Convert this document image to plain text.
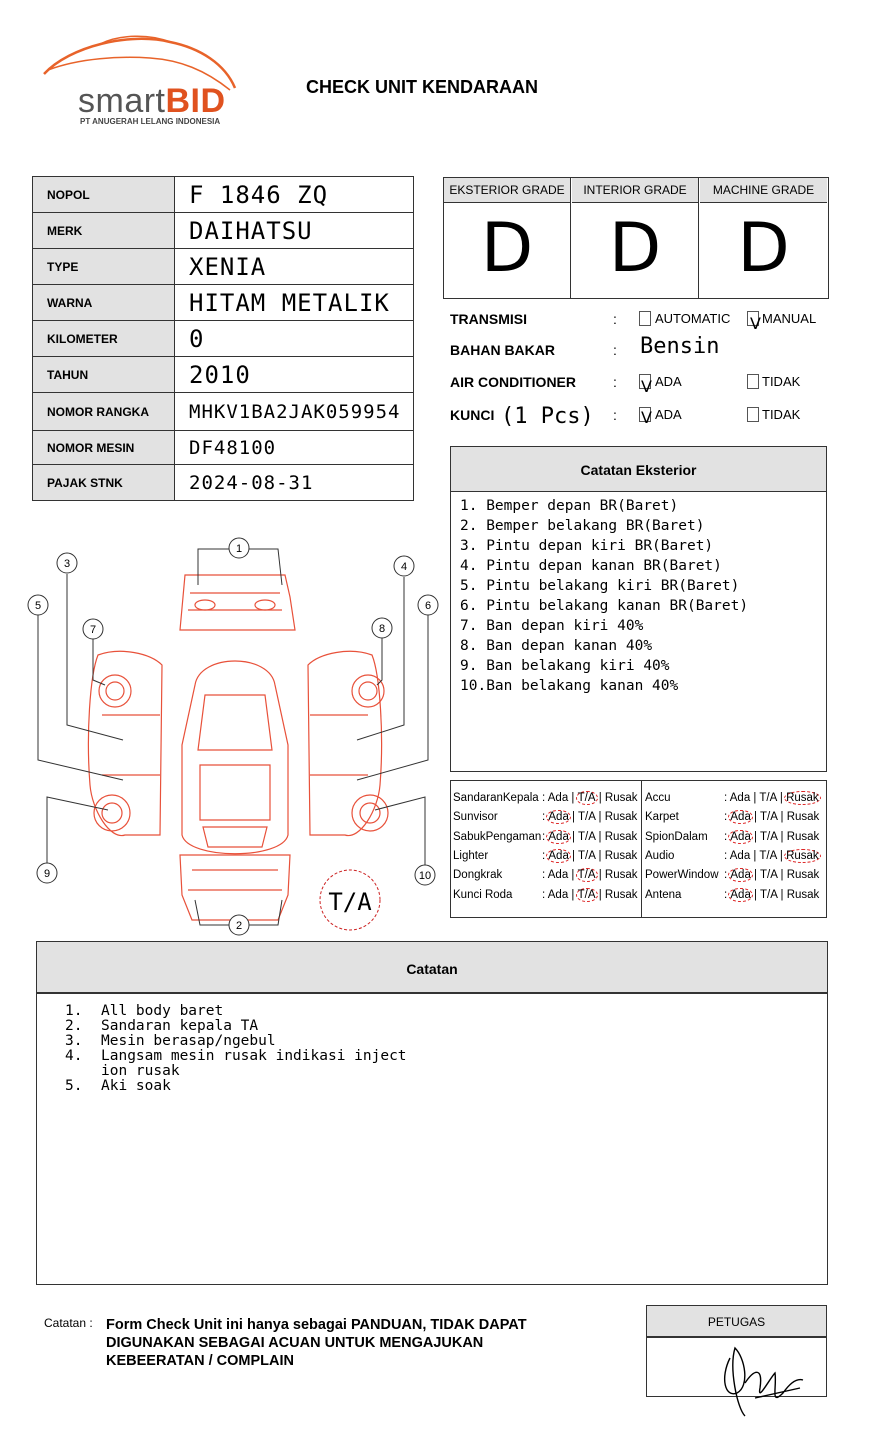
smartBID
PT ANUGERAH LELANG INDONESIA
CHECK UNIT KENDARAAN
NOPOL	F 1846 ZQ
MERK	DAIHATSU
TYPE	XENIA
WARNA	HITAM METALIK
KILOMETER	0
TAHUN	2010
NOMOR RANGKA	MHKV1BA2JAK059954
NOMOR MESIN	DF48100
PAJAK STNK	2024-08-31
EKSTERIOR GRADE
D
INTERIOR GRADE
D
MACHINE GRADE
D
TRANSMISI	:	AUTOMATIC V MANUAL
BAHAN BAKAR	: Bensin
AIR CONDITIONER	: V ADA	TIDAK
KUNCI (1 Pcs) : V ADA	TIDAK
Catatan Eksterior
1. Bemper depan BR(Baret)
2. Bemper belakang BR(Baret)
3. Pintu depan kiri BR(Baret)
4. Pintu depan kanan BR(Baret)
5. Pintu belakang kiri BR(Baret)
6. Pintu belakang kanan BR(Baret)
7. Ban depan kiri 40%
8. Ban depan kanan 40%
9. Ban belakang kiri 40%
10.Ban belakang kanan 40%
SandaranKepala : Ada | T/A | Rusak
Sunvisor	: Ada | T/A | Rusak
SabukPengaman : Ada | T/A | Rusak
Lighter	: Ada | T/A | Rusak
Dongkrak	: Ada | T/A | Rusak
Kunci Roda	: Ada | T/A | Rusak
Accu	: Ada | T/A | Rusak
Karpet	: Ada | T/A | Rusak
SpionDalam : Ada | T/A | Rusak
Audio	: Ada | T/A | Rusak
PowerWindow : Ada | T/A | Rusak
Antena	: Ada | T/A | Rusak
1
2
3	4
5	6
7	8
9	10
T/A
Catatan
1.	All body baret
2.	Sandaran kepala TA
3.	Mesin berasap/ngebul
4.	Langsam mesin rusak indikasi inject ion rusak
5.	Aki soak
Catatan : Form Check Unit ini hanya sebagai PANDUAN, TIDAK DAPAT DIGUNAKAN SEBAGAI ACUAN UNTUK MENGAJUKAN KEBEERATAN / COMPLAIN
PETUGAS
